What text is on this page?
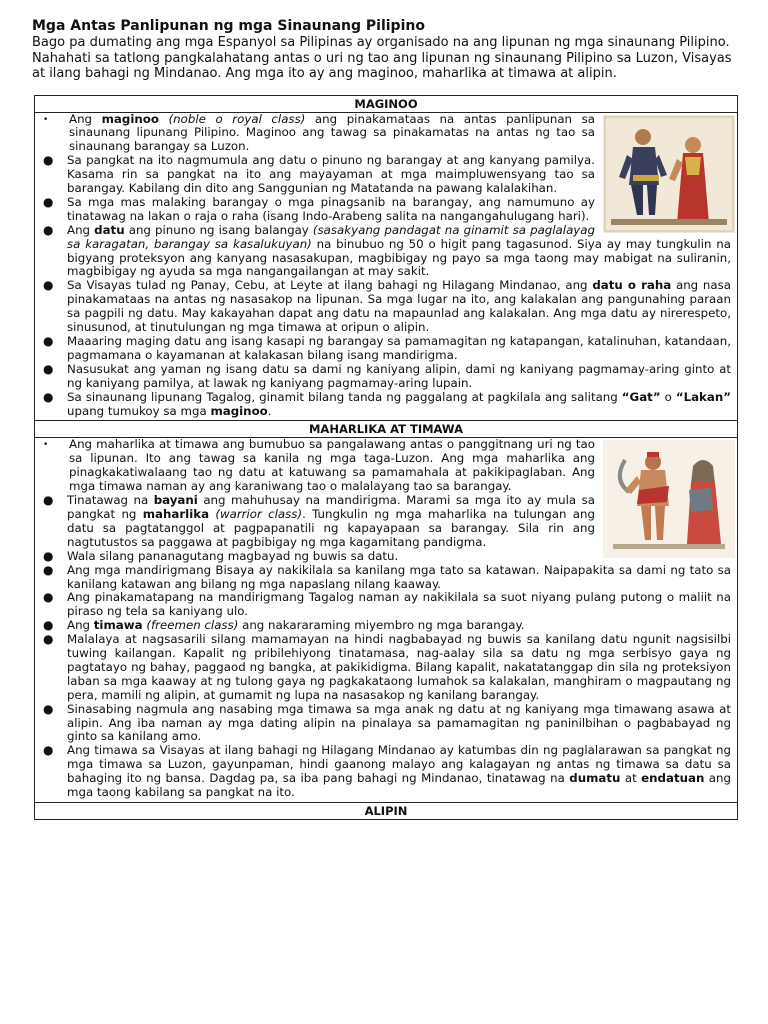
Mga Antas Panlipunan ng mga Sinaunang Pilipino

Bago pa dumating ang mga Espanyol sa Pilipinas ay organisado na ang lipunan ng mga sinaunang Pilipino.

Nahahati sa tatlong pangkalahatang antas o uri ng tao ang lipunan ng sinaunang Pilipino sa Luzon, Visayas at ilang bahagi ng Mindanao. Ang mga ito ay ang maginoo, maharlika at timawa at alipin.

MAGINOO

• Ang maginoo (noble o royal class) ang pinakamataas na antas panlipunan sa sinaunang lipunang Pilipino. Maginoo ang tawag sa pinakamatas na antas ng tao sa sinaunang barangay sa Luzon.
● Sa pangkat na ito nagmumula ang datu o pinuno ng barangay at ang kanyang pamilya. Kasama rin sa pangkat na ito ang mayayaman at mga maimpluwensyang tao sa barangay. Kabilang din dito ang Sanggunian ng Matatanda na pawang kalalakihan.
● Sa mga mas malaking barangay o mga pinagsanib na barangay, ang namumuno ay tinatawag na lakan o raja o raha (isang Indo-Arabeng salita na nangangahulugang hari).
● Ang datu ang pinuno ng isang balangay (sasakyang pandagat na ginamit sa paglalayag sa karagatan, barangay sa kasalukuyan) na binubuo ng 50 o higit pang tagasunod. Siya ay may tungkulin na bigyang proteksyon ang kanyang nasasakupan, magbibigay ng payo sa mga taong may mabigat na suliranin, magbibigay ng ayuda sa mga nangangailangan at may sakit.
● Sa Visayas tulad ng Panay, Cebu, at Leyte at ilang bahagi ng Hilagang Mindanao, ang datu o raha ang nasa pinakamataas na antas ng nasasakop na lipunan. Sa mga lugar na ito, ang kalakalan ang pangunahing paraan sa pagpili ng datu. May kakayahan dapat ang datu na mapaunlad ang kalakalan. Ang mga datu ay nirerespeto, sinusunod, at tinutulungan ng mga timawa at oripun o alipin.
● Maaaring maging datu ang isang kasapi ng barangay sa pamamagitan ng katapangan, katalinuhan, katandaan, pagmamana o kayamanan at kalakasan bilang isang mandirigma.
● Nasusukat ang yaman ng isang datu sa dami ng kaniyang alipin, dami ng kaniyang pagmamay-aring ginto at ng kaniyang pamilya, at lawak ng kaniyang pagmamay-aring lupain.
● Sa sinaunang lipunang Tagalog, ginamit bilang tanda ng paggalang at pagkilala ang salitang “Gat” o “Lakan” upang tumukoy sa mga maginoo.

MAHARLIKA AT TIMAWA

• Ang maharlika at timawa ang bumubuo sa pangalawang antas o panggitnang uri ng tao sa lipunan. Ito ang tawag sa kanila ng mga taga-Luzon. Ang mga maharlika ang pinagkakatiwalaang tao ng datu at katuwang sa pamamahala at pakikipaglaban. Ang mga timawa naman ay ang karaniwang tao o malalayang tao sa barangay.
● Tinatawag na bayani ang mahuhusay na mandirigma. Marami sa mga ito ay mula sa pangkat ng maharlika (warrior class). Tungkulin ng mga maharlika na tulungan ang datu sa pagtatanggol at pagpapanatili ng kapayapaan sa barangay. Sila rin ang nagtutustos sa paggawa at pagbibigay ng mga kagamitang pandigma.
● Wala silang pananagutang magbayad ng buwis sa datu.
● Ang mga mandirigmang Bisaya ay nakikilala sa kanilang mga tato sa katawan. Naipapakita sa dami ng tato sa kanilang katawan ang bilang ng mga napaslang nilang kaaway.
● Ang pinakamatapang na mandirigmang Tagalog naman ay nakikilala sa suot niyang pulang putong o maliit na piraso ng tela sa kaniyang ulo.
● Ang timawa (freemen class) ang nakararaming miyembro ng mga barangay.
● Malalaya at nagsasarili silang mamamayan na hindi nagbabayad ng buwis sa kanilang datu ngunit nagsisilbi tuwing kailangan. Kapalit ng pribilehiyong tinatamasa, nag-aalay sila sa datu ng mga serbisyo gaya ng pagtatayo ng bahay, paggaod ng bangka, at pakikidigma. Bilang kapalit, nakatatanggap din sila ng proteksiyon laban sa mga kaaway at ng tulong gaya ng pagkakataong lumahok sa kalakalan, manghiram o magpautang ng pera, mamili ng alipin, at gumamit ng lupa na nasasakop ng kanilang barangay.
● Sinasabing nagmula ang nasabing mga timawa sa mga anak ng datu at ng kaniyang mga timawang asawa at alipin. Ang iba naman ay mga dating alipin na pinalaya sa pamamagitan ng paninilbihan o pagbabayad ng ginto sa kanilang amo.
● Ang timawa sa Visayas at ilang bahagi ng Hilagang Mindanao ay katumbas din ng paglalarawan sa pangkat ng mga timawa sa Luzon, gayunpaman, hindi gaanong malayo ang kalagayan ng antas ng timawa sa datu sa bahaging ito ng bansa. Dagdag pa, sa iba pang bahagi ng Mindanao, tinatawag na dumatu at endatuan ang mga taong kabilang sa pangkat na ito.

ALIPIN
